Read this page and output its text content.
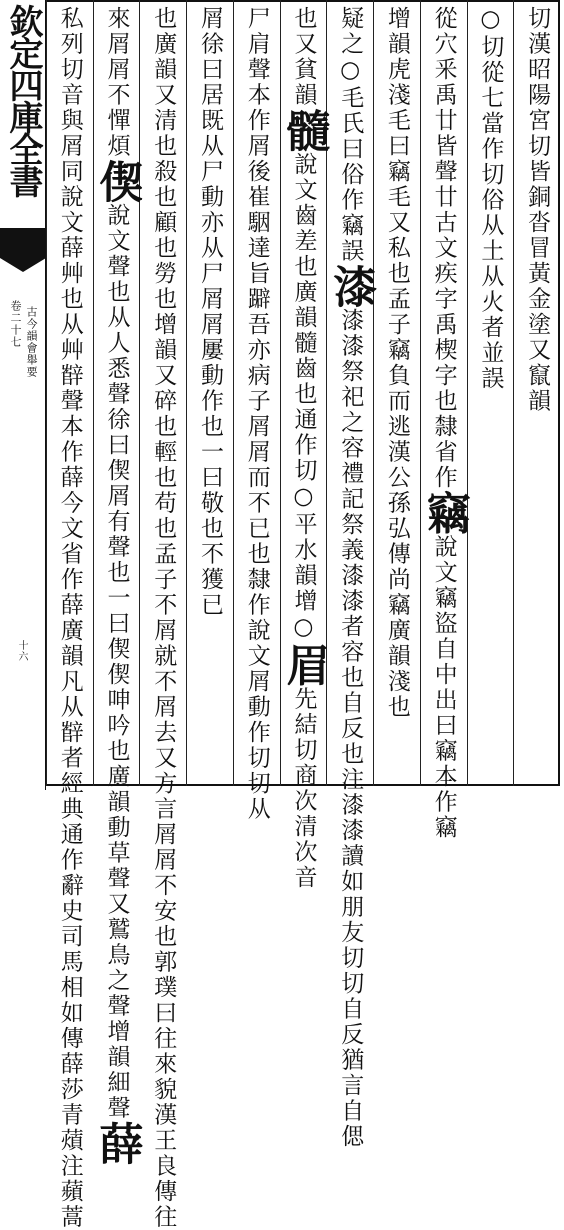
欽定四庫全書
卷二十七 古今韻會舉要
十六
切漢昭陽宮切皆銅沓冒黃金塗又竄韻
○切從七當作切俗从土从火者並誤
從穴釆禹廿皆聲廿古文疾字禹楔字也隸省作竊說文竊盜自中出曰竊本作竊
增韻虎淺毛曰竊毛又私也孟子竊負而逃漢公孫弘傳尚竊廣韻淺也
疑之○毛氏曰俗作竊誤漆漆漆祭祀之容禮記祭義漆漆者容也自反也注漆漆讀如朋友切切自反猶言自偲
也又貧韻髓說文齒差也廣韻髓齒也通作切○平水韻增○眉先結切商次清次音
尸肩聲本作屑後崔駰達旨躃吾亦病子屑屑而不已也隸作說文屑動作切切从
屑徐曰居既从尸動亦从尸屑屑屢動作也一曰敬也不獲已
也廣韻又清也殺也顧也勞也增韻又碎也輕也苟也孟子不屑就不屑去又方言屑屑不安也郭璞曰往來貌漢王良傳往
來屑屑不憚煩偰說文聲也从人悉聲徐曰偰屑有聲也一曰偰偰呻吟也廣韻動草聲又鷲鳥之聲增韻細聲薛
私列切音與屑同說文薛艸也从艸辥聲本作薛今文省作薛廣韻凡从辥者經典通作辭史司馬相如傳薛莎青薠注蘋蒿
